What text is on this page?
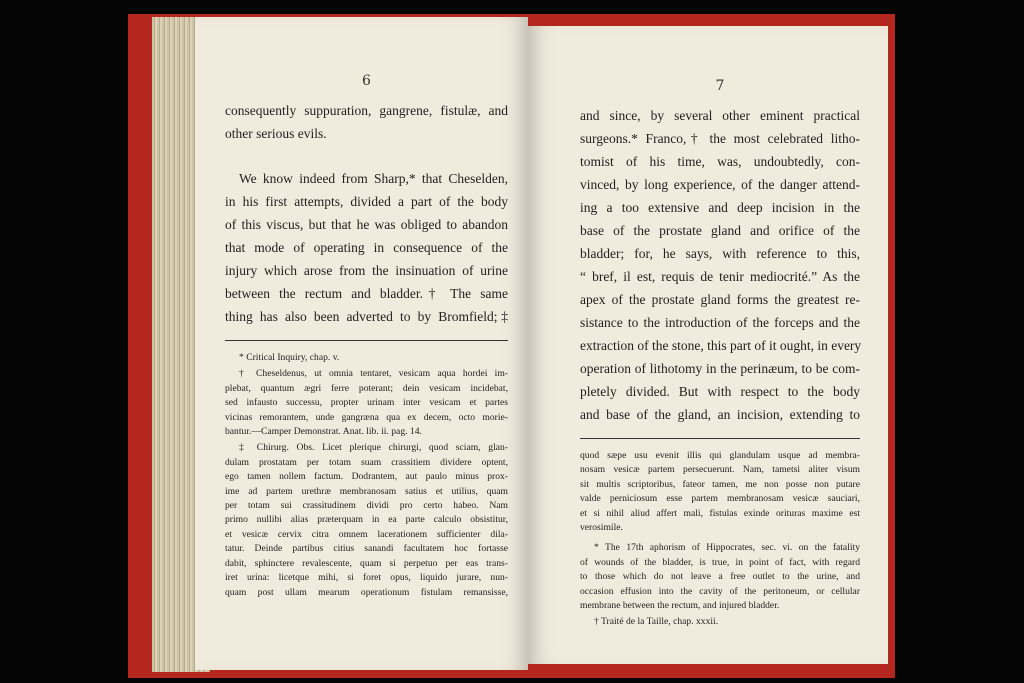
6
consequently suppuration, gangrene, fistulæ, and
other serious evils.
We know indeed from Sharp,* that Cheselden,
in his first attempts, divided a part of the body
of this viscus, but that he was obliged to abandon
that mode of operating in consequence of the
injury which arose from the insinuation of urine
between the rectum and bladder.† The same
thing has also been adverted to by Bromfield;‡
* Critical Inquiry, chap. v.
† Cheseldenus, ut omnia tentaret, vesicam aqua hordei im-
plebat, quantum ægri ferre poterant; dein vesicam incidebat,
sed infausto successu, propter urinam inter vesicam et partes
vicinas remorantem, unde gangræna qua ex decem, octo morie-
bantur.—Camper Demonstrat. Anat. lib. ii. pag. 14.
‡ Chirurg. Obs. Licet plerique chirurgi, quod sciam, glan-
dulam prostatam per totam suam crassitiem dividere optent,
ego tamen nollem factum. Dodrantem, aut paulo minus prox-
ime ad partem urethræ membranosam satius et utilius, quam
per totam sui crassitudinem dividi pro certo habeo. Nam
primo nullibi alias præterquam in ea parte calculo obsistitur,
et vesicæ cervix citra omnem lacerationem sufficienter dila-
tatur. Deinde partibus citius sanandi facultatem hoc fortasse
dabit, sphinctere revalescente, quam si perpetuo per eas trans-
iret urina: licetque mihi, si foret opus, liquido jurare, nun-
quam post ullam mearum operationum fistulam remansisse,
7
and since, by several other eminent practical
surgeons.* Franco,† the most celebrated litho-
tomist of his time, was, undoubtedly, con-
vinced, by long experience, of the danger attend-
ing a too extensive and deep incision in the
base of the prostate gland and orifice of the
bladder; for, he says, with reference to this,
“ bref, il est, requis de tenir mediocrité.” As the
apex of the prostate gland forms the greatest re-
sistance to the introduction of the forceps and the
extraction of the stone, this part of it ought, in every
operation of lithotomy in the perinæum, to be com-
pletely divided. But with respect to the body
and base of the gland, an incision, extending to
quod sæpe usu evenit illis qui glandulam usque ad membra-
nosam vesicæ partem persecuerunt. Nam, tametsi aliter visum
sit multis scriptoribus, fateor tamen, me non posse non putare
valde perniciosum esse partem membranosam vesicæ sauciari,
et si nihil aliud affert mali, fistulas exinde orituras maxime est
verosimile.
* The 17th aphorism of Hippocrates, sec. vi. on the fatality
of wounds of the bladder, is true, in point of fact, with regard
to those which do not leave a free outlet to the urine, and
occasion effusion into the cavity of the peritoneum, or cellular
membrane between the rectum, and injured bladder.
† Traité de la Taille, chap. xxxii.
